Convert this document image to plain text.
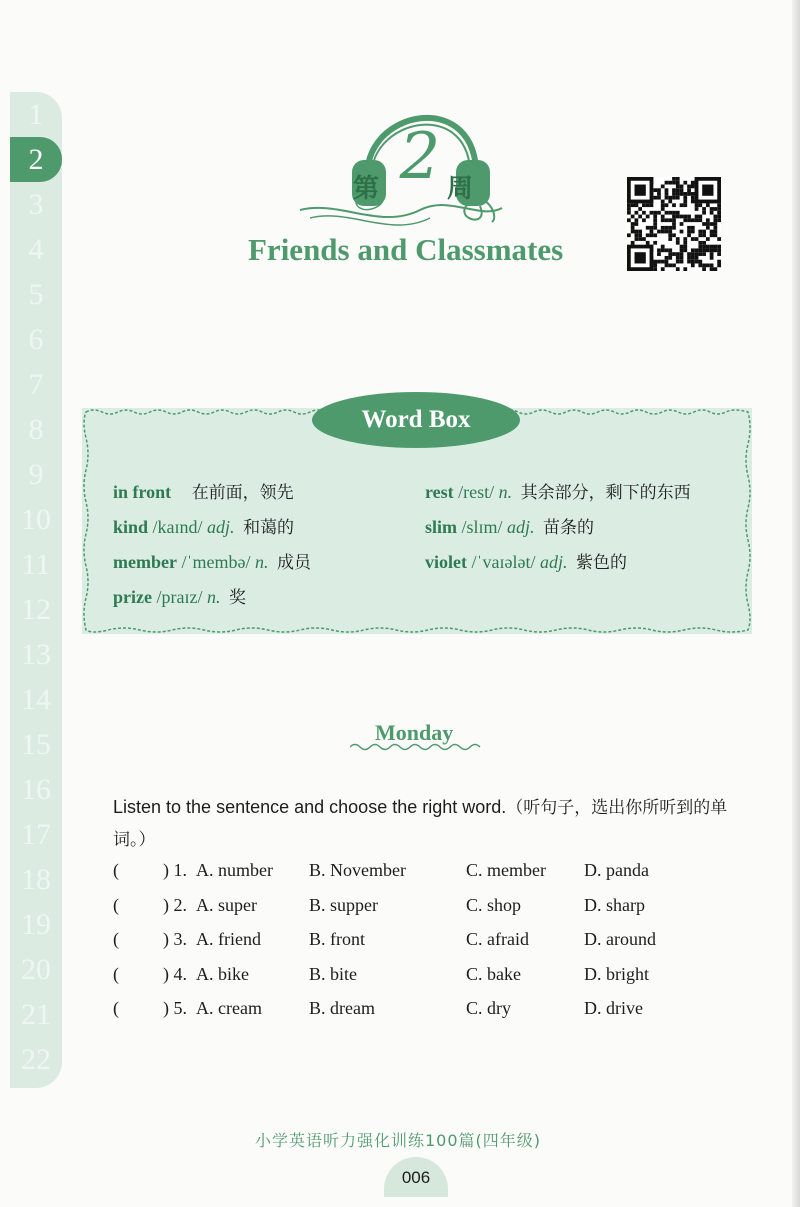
1
2
3
4
5
6
7
8
9
10
11
12
13
14
15
16
17
18
19
20
21
22
第 2 周
Friends and Classmates
Word Box
in front 在前面，领先
kind /kaɪnd/ adj. 和蔼的
member /ˈmembə/ n. 成员
prize /praɪz/ n. 奖
rest /rest/ n. 其余部分，剩下的东西
slim /slɪm/ adj. 苗条的
violet /ˈvaɪələt/ adj. 紫色的
Monday
Listen to the sentence and choose the right word.（听句子，选出你所听到的单词。）
( ) 1. A. number B. November	C. member D. panda
( ) 2. A. super	B. supper	C. shop	D. sharp
( ) 3. A. friend	B. front	C. afraid	D. around
( ) 4. A. bike	B. bite	C. bake	D. bright
( ) 5. A. cream	B. dream	C. dry	D. drive
小学英语听力强化训练100篇(四年级)
006
